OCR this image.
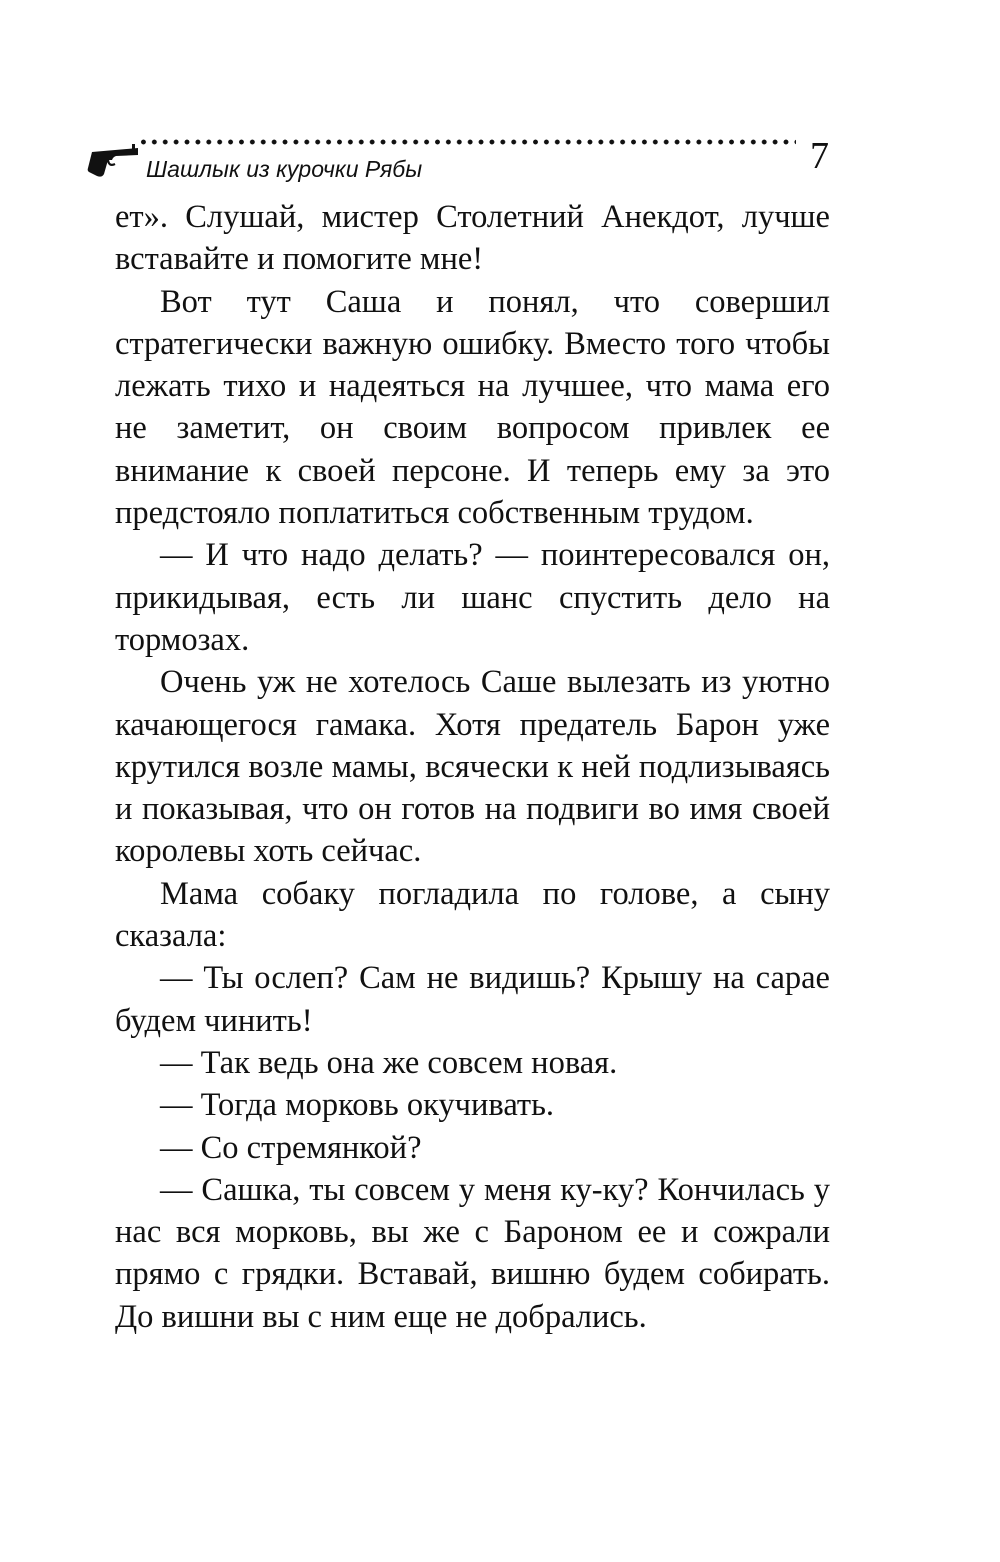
Шашлык из курочки Рябы	7

ет». Слушай, мистер Столетний Анекдот, лучше вставайте и помогите мне!

Вот тут Саша и понял, что совершил стратегически важную ошибку. Вместо того чтобы лежать тихо и надеяться на лучшее, что мама его не заметит, он своим вопросом привлек ее внимание к своей персоне. И теперь ему за это предстояло поплатиться собственным трудом.

— И что надо делать? — поинтересовался он, прикидывая, есть ли шанс спустить дело на тормозах.

Очень уж не хотелось Саше вылезать из уютно качающегося гамака. Хотя предатель Барон уже крутился возле мамы, всячески к ней подлизываясь и показывая, что он готов на подвиги во имя своей королевы хоть сейчас.

Мама собаку погладила по голове, а сыну сказала:

— Ты ослеп? Сам не видишь? Крышу на сарае будем чинить!

— Так ведь она же совсем новая.

— Тогда морковь окучивать.

— Со стремянкой?

— Сашка, ты совсем у меня ку-ку? Кончилась у нас вся морковь, вы же с Бароном ее и сожрали прямо с грядки. Вставай, вишню будем собирать. До вишни вы с ним еще не добрались.
